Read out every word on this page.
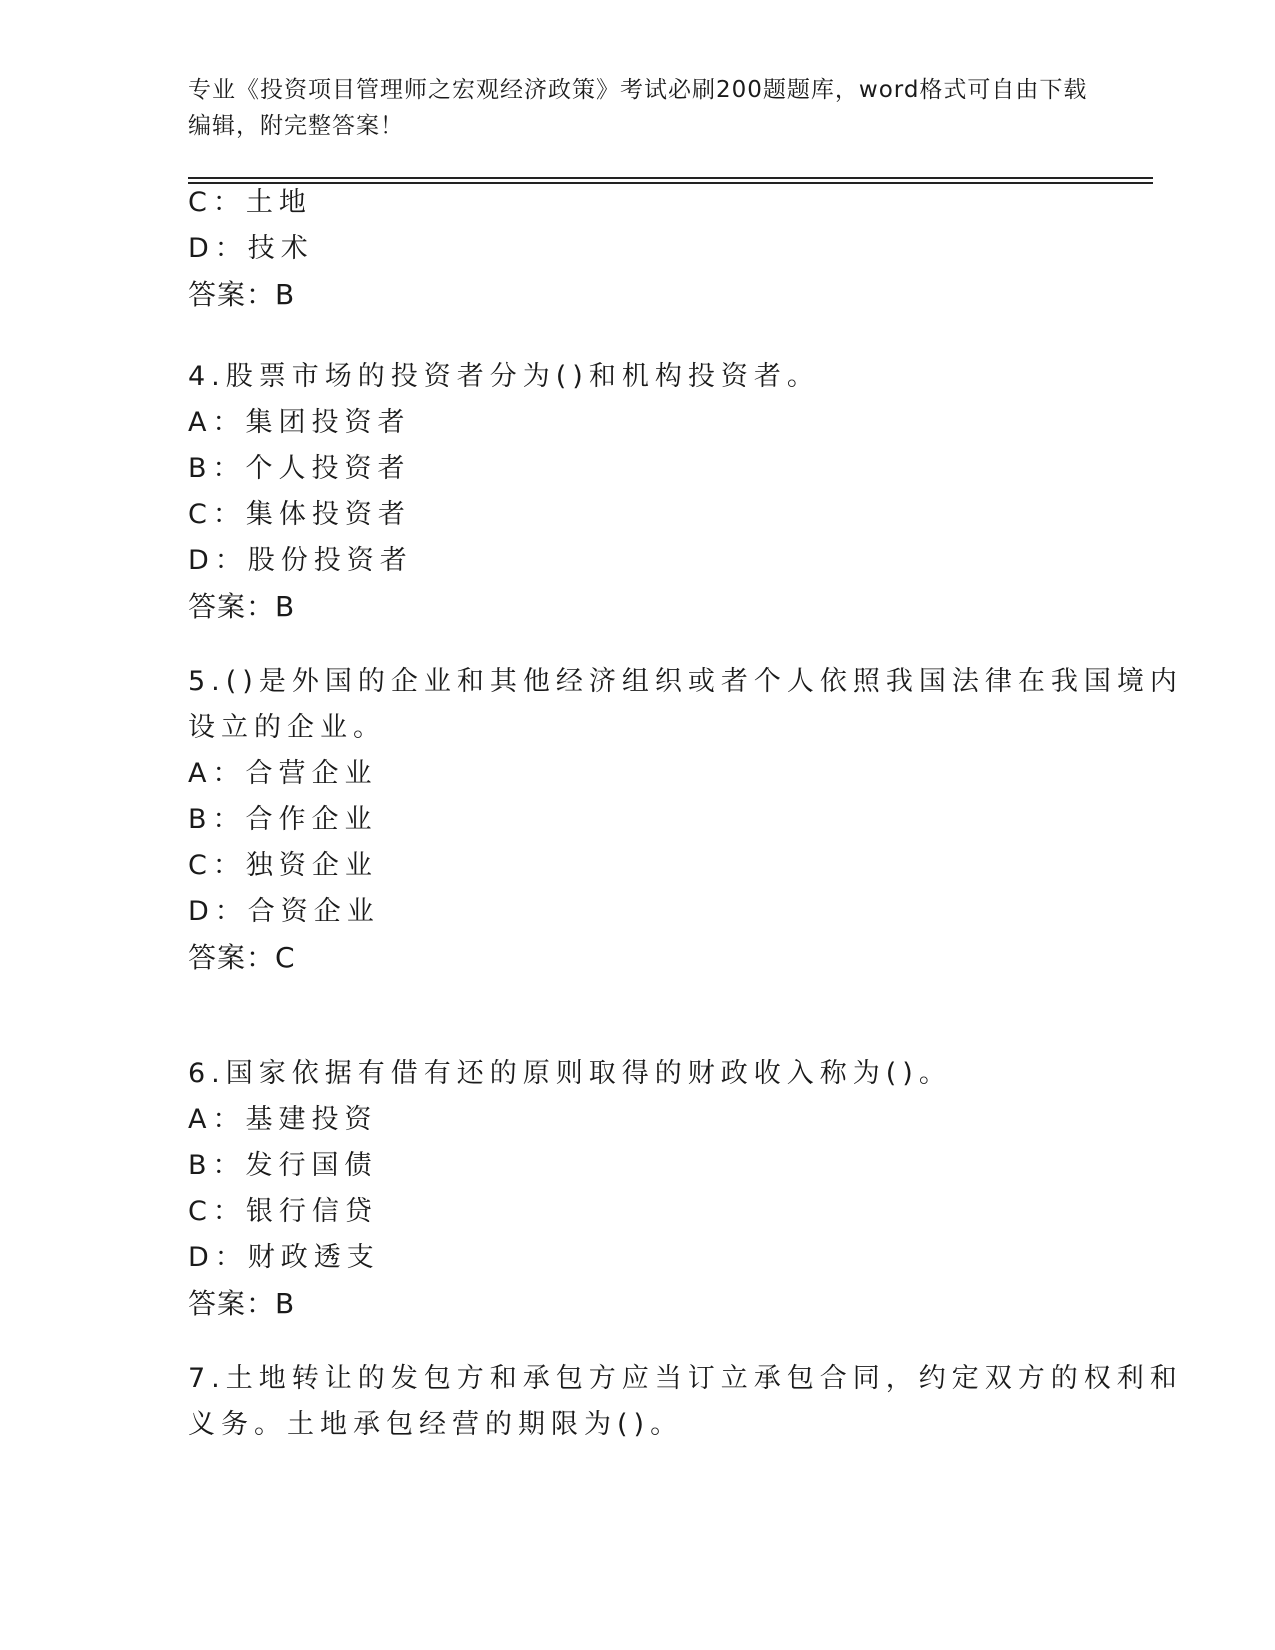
专业《投资项目管理师之宏观经济政策》考试必刷200题题库，word格式可自由下载编辑，附完整答案！
C：土地
D：技术
答案：B
4.股票市场的投资者分为()和机构投资者。
A：集团投资者
B：个人投资者
C：集体投资者
D：股份投资者
答案：B
5.()是外国的企业和其他经济组织或者个人依照我国法律在我国境内
设立的企业。
A：合营企业
B：合作企业
C：独资企业
D：合资企业
答案：C
6.国家依据有借有还的原则取得的财政收入称为()。
A：基建投资
B：发行国债
C：银行信贷
D：财政透支
答案：B
7.土地转让的发包方和承包方应当订立承包合同，约定双方的权利和
义务。土地承包经营的期限为()。
